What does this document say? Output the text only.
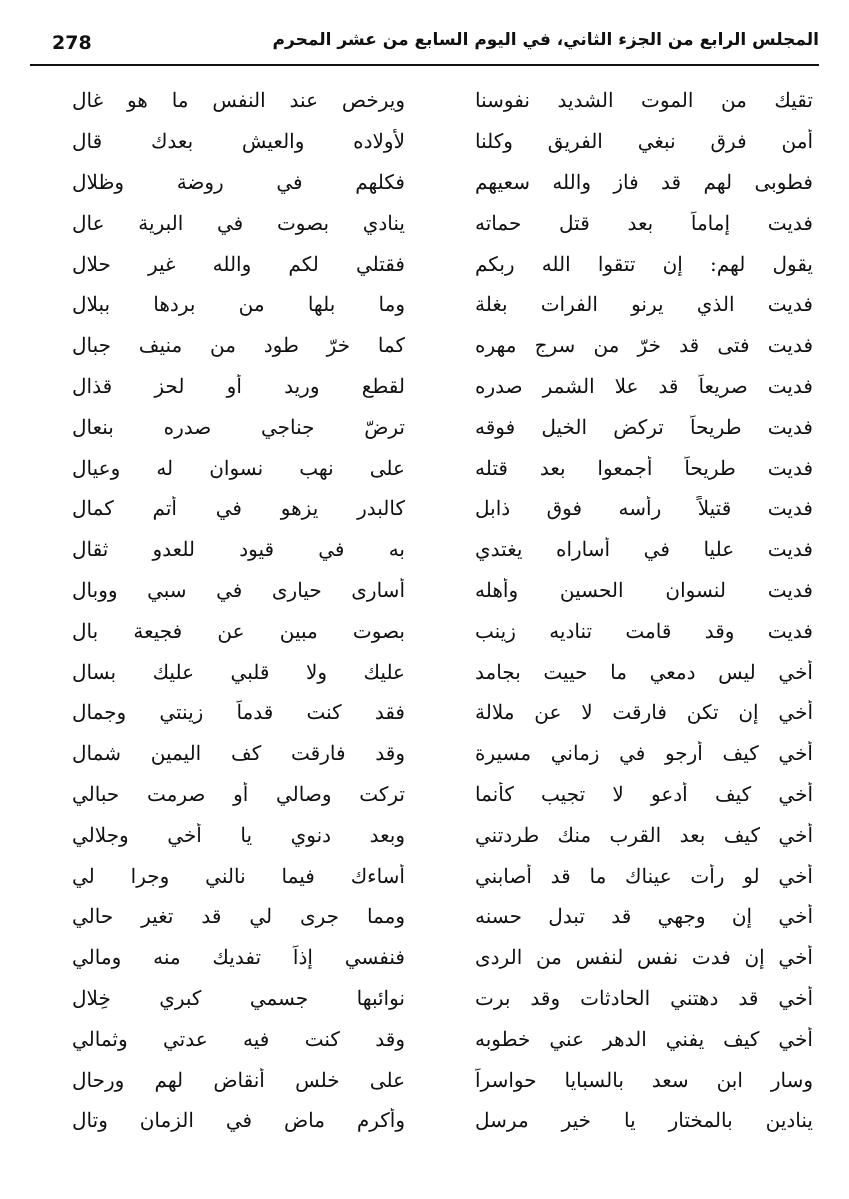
278	المجلس الرابع من الجزء الثاني، في اليوم السابع من عشر المحرم
تقيك من الموت الشديد نفوسنا
ويرخص عند النفس ما هو غال
أمن فرق نبغي الفريق وكلنا
لأولاده والعيش بعدك قال
فطوبى لهم قد فاز والله سعيهم
فكلهم في روضة وظلال
فديت إماماً بعد قتل حماته
ينادي بصوت في البرية عال
يقول لهم: إن تتقوا الله ربكم
فقتلي لكم والله غير حلال
فديت الذي يرنو الفرات بغلة
وما بلها من بردها ببلال
فديت فتى قد خرّ من سرج مهره
كما خرّ طود من منيف جبال
فديت صريعاً قد علا الشمر صدره
لقطع وريد أو لحز قذال
فديت طريحاً تركض الخيل فوقه
ترضّ جناجي صدره بنعال
فديت طريحاً أجمعوا بعد قتله
على نهب نسوان له وعيال
فديت قتيلاً رأسه فوق ذابل
كالبدر يزهو في أتم كمال
فديت عليا في أساراه يغتدي
به في قيود للعدو ثقال
فديت لنسوان الحسين وأهله
أسارى حيارى في سبي ووبال
فديت وقد قامت تناديه زينب
بصوت مبين عن فجيعة بال
أخي ليس دمعي ما حييت بجامد
عليك ولا قلبي عليك بسال
أخي إن تكن فارقت لا عن ملالة
فقد كنت قدماً زينتي وجمال
أخي كيف أرجو في زماني مسيرة
وقد فارقت كف اليمين شمال
أخي كيف أدعو لا تجيب كأنما
تركت وصالي أو صرمت حبالي
أخي كيف بعد القرب منك طردتني
وبعد دنوي يا أخي وجلالي
أخي لو رأت عيناك ما قد أصابني
أساءك فيما نالني وجرا لي
أخي إن وجهي قد تبدل حسنه
ومما جرى لي قد تغير حالي
أخي إن فدت نفس لنفس من الردى
فنفسي إذاً تفديك منه ومالي
أخي قد دهتني الحادثات وقد برت
نوائبها جسمي كبري خِلال
أخي كيف يفني الدهر عني خطوبه
وقد كنت فيه عدتي وثمالي
وسار ابن سعد بالسبايا حواسراً
على خلس أنقاض لهم ورحال
ينادين بالمختار يا خير مرسل
وأكرم ماض في الزمان وتال
